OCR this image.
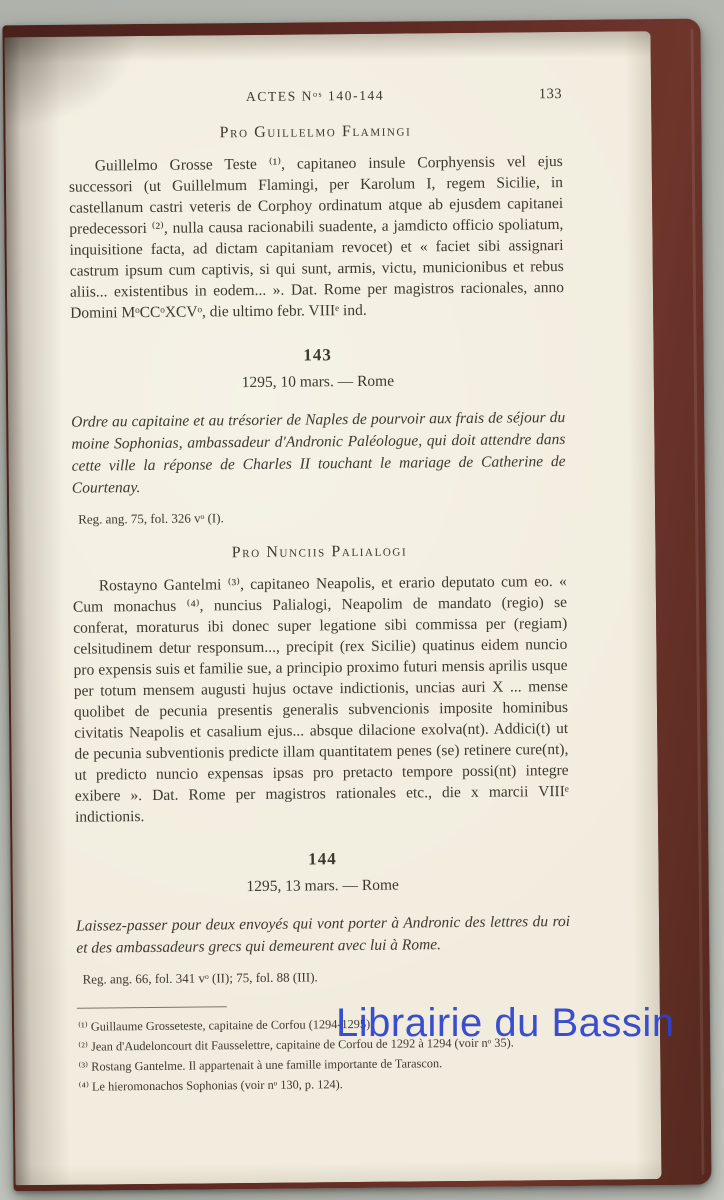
ACTES Nᵒˢ 140-144	133
Pro Guillelmo Flamingi

Guillelmo Grosse Teste ⁽¹⁾, capitaneo insule Corphyensis vel ejus successori (ut Guillelmum Flamingi, per Karolum I, regem Sicilie, in castellanum castri veteris de Corphoy ordinatum atque ab ejusdem capitanei predecessori ⁽²⁾, nulla causa racionabili suadente, a jamdicto officio spoliatum, inquisitione facta, ad dictam capitaniam revocet) et « faciet sibi assignari castrum ipsum cum captivis, si qui sunt, armis, victu, municionibus et rebus aliis... existentibus in eodem... ». Dat. Rome per magistros racionales, anno Domini MᵒCCᵒXCVᵒ, die ultimo febr. VIIIᵉ ind.

143
1295, 10 mars. — Rome

Ordre au capitaine et au trésorier de Naples de pourvoir aux frais de séjour du moine Sophonias, ambassadeur d'Andronic Paléologue, qui doit attendre dans cette ville la réponse de Charles II touchant le mariage de Catherine de Courtenay.

Reg. ang. 75, fol. 326 vᵒ (I).

Pro Nunciis Palialogi

Rostayno Gantelmi ⁽³⁾, capitaneo Neapolis, et erario deputato cum eo. « Cum monachus ⁽⁴⁾, nuncius Palialogi, Neapolim de mandato (regio) se conferat, moraturus ibi donec super legatione sibi commissa per (regiam) celsitudinem detur responsum..., precipit (rex Sicilie) quatinus eidem nuncio pro expensis suis et familie sue, a principio proximo futuri mensis aprilis usque per totum mensem augusti hujus octave indictionis, uncias auri X ... mense quolibet de pecunia presentis generalis subvencionis imposite hominibus civitatis Neapolis et casalium ejus... absque dilacione exolva(nt). Addici(t) ut de pecunia subventionis predicte illam quantitatem penes (se) retinere cure(nt), ut predicto nuncio expensas ipsas pro pretacto tempore possi(nt) integre exibere ». Dat. Rome per magistros rationales etc., die x marcii VIIIᵉ indictionis.

144
1295, 13 mars. — Rome

Laissez-passer pour deux envoyés qui vont porter à Andronic des lettres du roi et des ambassadeurs grecs qui demeurent avec lui à Rome.

Reg. ang. 66, fol. 341 vᵒ (II); 75, fol. 88 (III).

⁽¹⁾ Guillaume Grosseteste, capitaine de Corfou (1294-1295).

⁽²⁾ Jean d'Audeloncourt dit Fausselettre, capitaine de Corfou de 1292 à 1294 (voir nᵒ 35).

⁽³⁾ Rostang Gantelme. Il appartenait à une famille importante de Tarascon.

⁽⁴⁾ Le hieromonachos Sophonias (voir nᵒ 130, p. 124).

Librairie du Bassin
